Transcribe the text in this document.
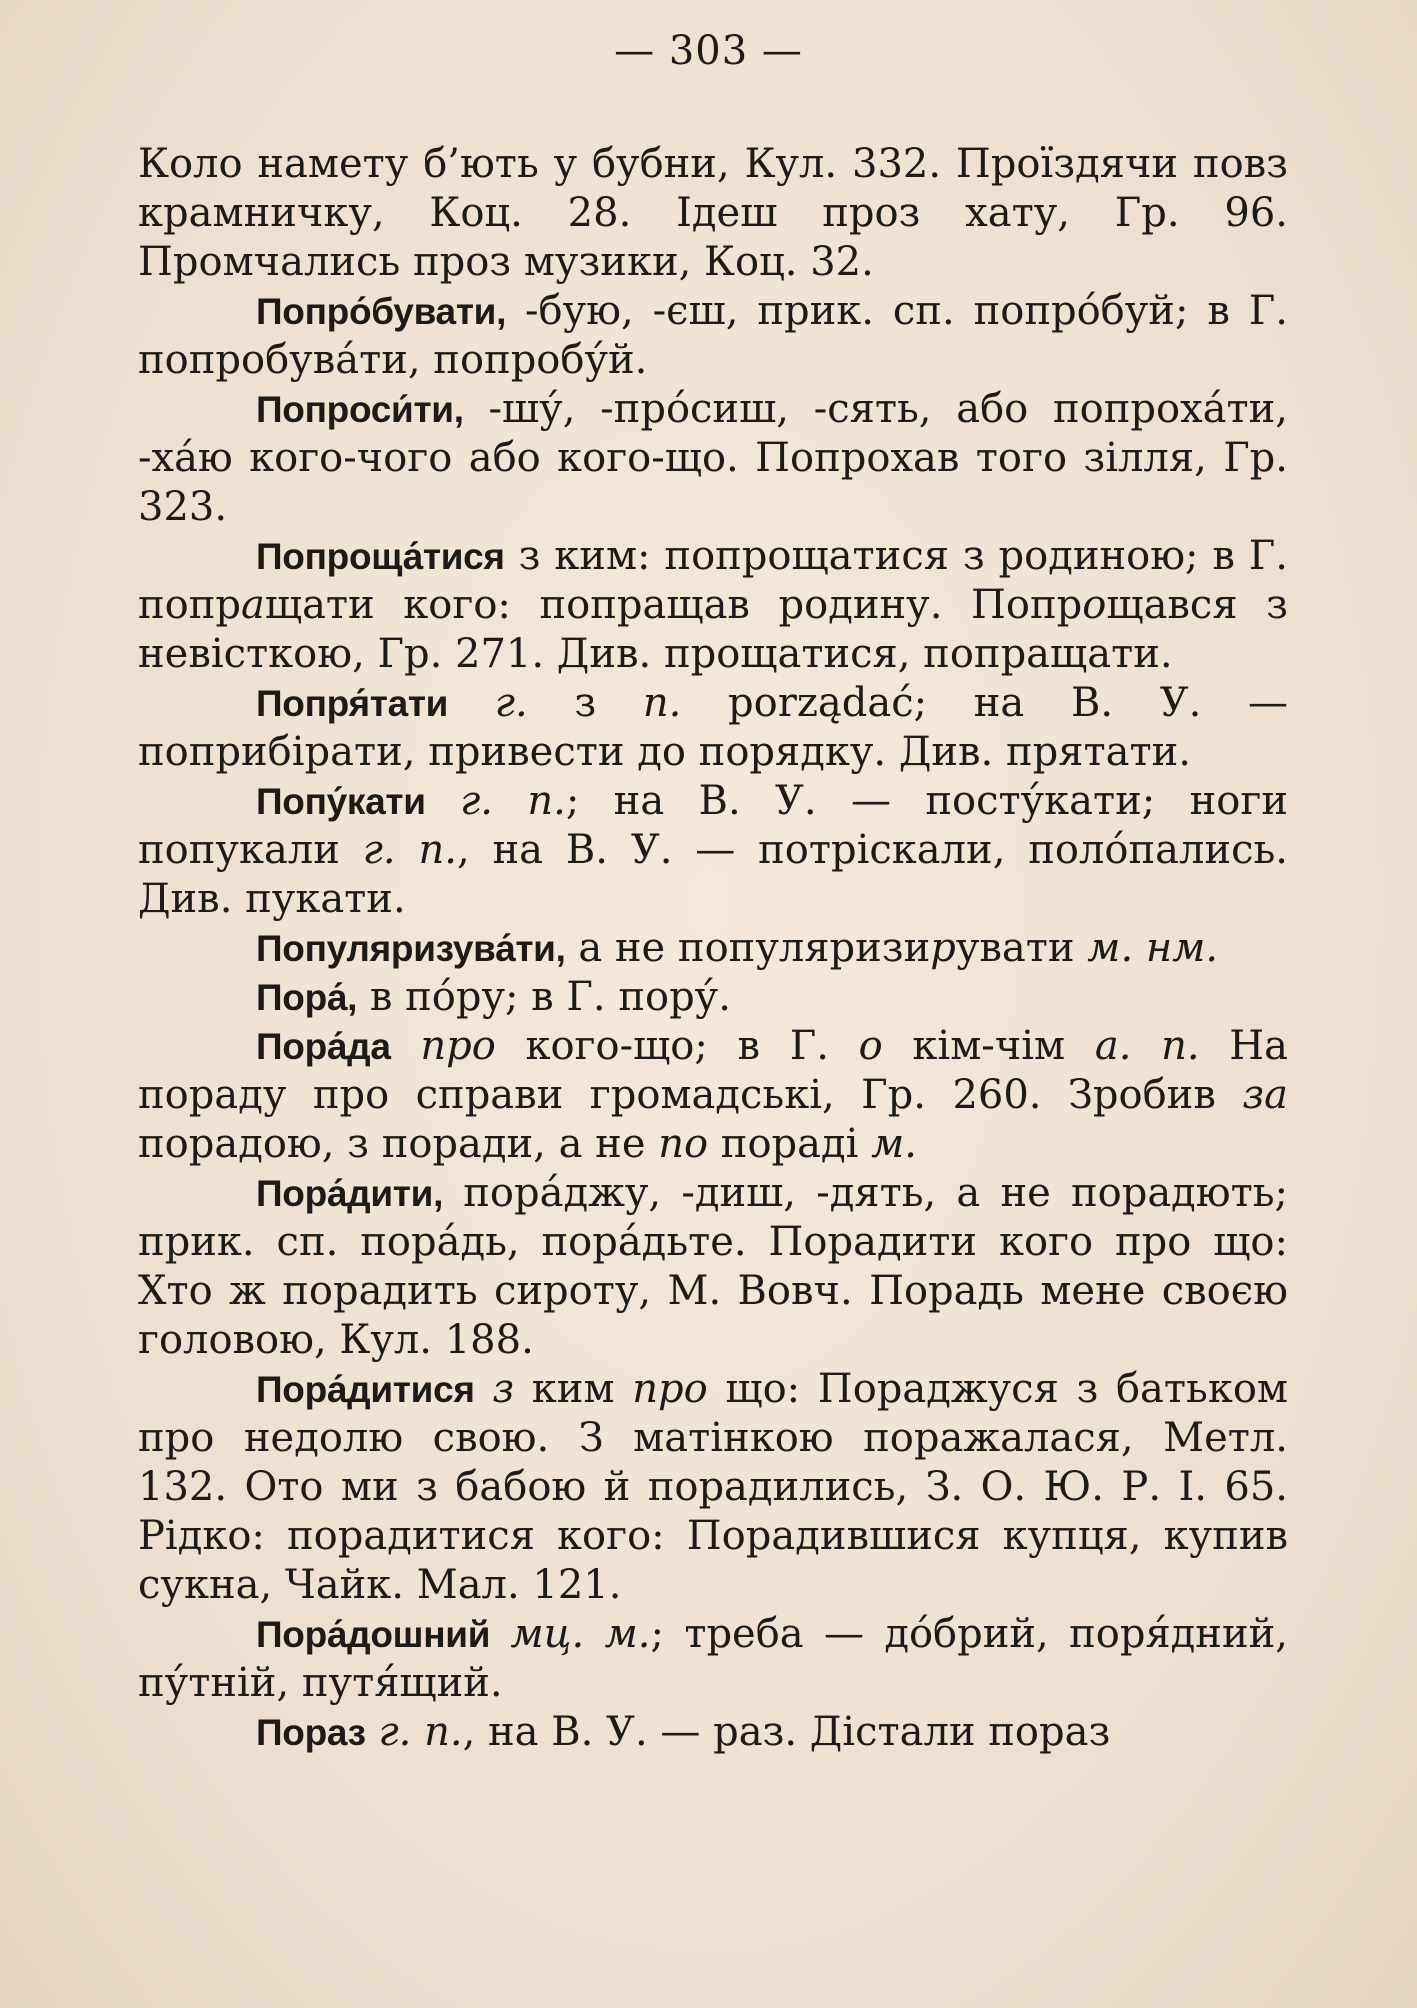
— 303 —

Коло намету б’ють у бубни, Кул. 332. Проїздячи повз крамничку, Коц. 28. Ідеш проз хату, Гр. 96. Промчались проз музики, Коц. 32.

Попро́бувати, -бую, -єш, прик. сп. попро́буй; в Г. попробува́ти, попробу́й.

Попроси́ти, -шу́, -про́сиш, -сять, або попроха́ти, -ха́ю кого-чого або кого-що. Попрохав того зілля, Гр. 323.

Попроща́тися з ким: попрощатися з родиною; в Г. попращати кого: попращав родину. Попрощався з невісткою, Гр. 271. Див. прощатися, попращати.

Попря́тати г. з п. porządać; на В. У. — поприбірати, привести до порядку. Див. прятати.

Попу́кати г. п.; на В. У. — посту́кати; ноги попукали г. п., на В. У. — потріскали, поло́пались. Див. пукати.

Популяризува́ти, а не популяризирувати м. нм.

Пора́, в по́ру; в Г. пору́.

Пора́да про кого-що; в Г. о кім-чім а. п. На пораду про справи громадські, Гр. 260. Зробив за порадою, з поради, а не по пораді м.

Пора́дити, пора́джу, -диш, -дять, а не порадють; прик. сп. пора́дь, пора́дьте. Порадити кого про що: Хто ж порадить сироту, М. Вовч. Порадь мене своєю головою, Кул. 188.

Пора́дитися з ким про що: Пораджуся з батьком про недолю свою. З матінкою поражалася, Метл. 132. Ото ми з бабою й порадились, З. О. Ю. Р. І. 65. Рідко: порадитися кого: Порадившися купця, купив сукна, Чайк. Мал. 121.

Пора́дошний мц. м.; треба — до́брий, поря́дний, пу́тній, путя́щий.

Пораз г. п., на В. У. — раз. Дістали пораз
